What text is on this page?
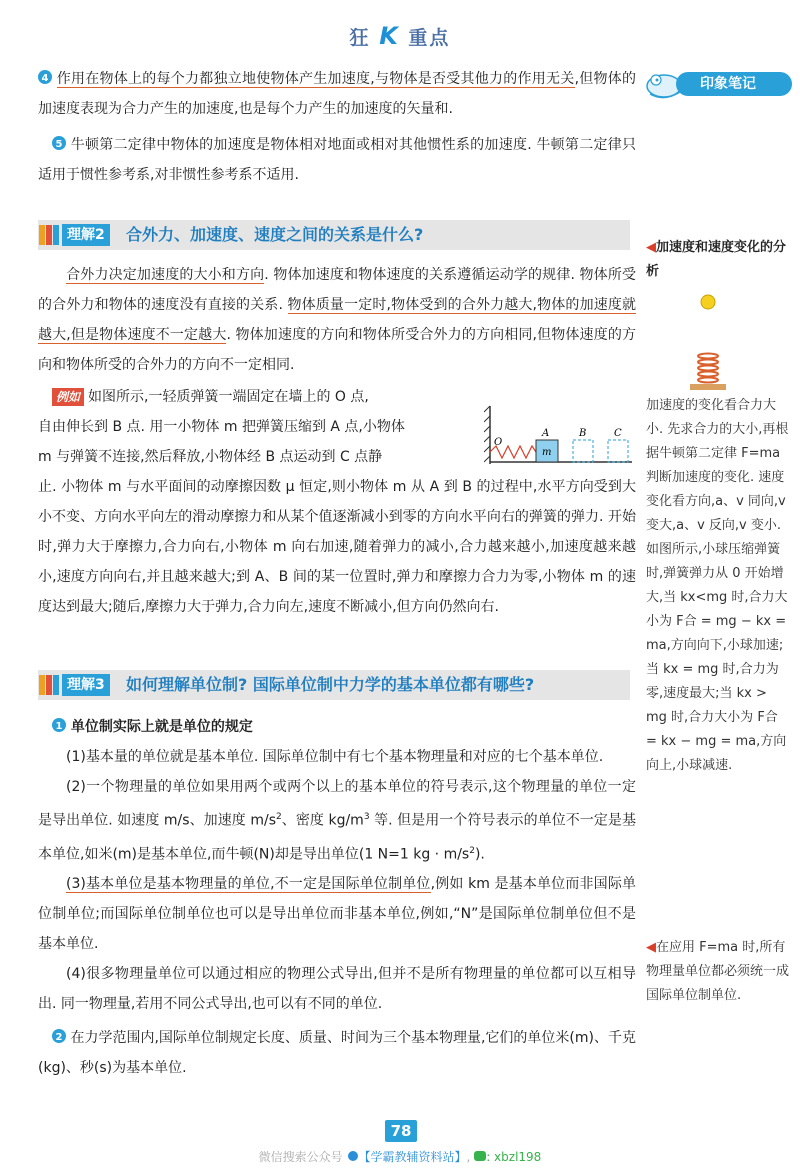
狂 K 重点
印象笔记

4 作用在物体上的每个力都独立地使物体产生加速度,与物体是否受其他力的作用无关,但物体的加速度表现为合力产生的加速度,也是每个力产生的加速度的矢量和.

5 牛顿第二定律中物体的加速度是物体相对地面或相对其他惯性系的加速度. 牛顿第二定律只适用于惯性参考系,对非惯性参考系不适用.

理解2	合外力、加速度、速度之间的关系是什么?

  合外力决定加速度的大小和方向. 物体加速度和物体速度的关系遵循运动学的规律. 物体所受的合外力和物体的速度没有直接的关系. 物体质量一定时,物体受到的合外力越大,物体的加速度就越大,但是物体速度不一定越大. 物体加速度的方向和物体所受合外力的方向相同,但物体速度的方向和物体所受的合外力的方向不一定相同.

 例如 如图所示,一轻质弹簧一端固定在墙上的 O 点,
自由伸长到 B 点. 用一小物体 m 把弹簧压缩到 A 点,小物体
m 与弹簧不连接,然后释放,小物体经 B 点运动到 C 点静

止. 小物体 m 与水平面间的动摩擦因数 μ 恒定,则小物体 m 从 A 到 B 的过程中,水平方向受到大小不变、方向水平向左的滑动摩擦力和从某个值逐渐减小到零的方向水平向右的弹簧的弹力. 开始时,弹力大于摩擦力,合力向右,小物体 m 向右加速,随着弹力的减小,合力越来越小,加速度越来越小,速度方向向右,并且越来越大;到 A、B 间的某一位置时,弹力和摩擦力合力为零,小物体 m 的速度达到最大;随后,摩擦力大于弹力,合力向左,速度不断减小,但方向仍然向右.

O
A	B	C
m
理解3	如何理解单位制? 国际单位制中力学的基本单位都有哪些?

1 单位制实际上就是单位的规定

  (1)基本量的单位就是基本单位. 国际单位制中有七个基本物理量和对应的七个基本单位.

  (2)一个物理量的单位如果用两个或两个以上的基本单位的符号表示,这个物理量的单位一定是导出单位. 如速度 m/s、加速度 $m/s^2$、密度 $kg/m^3$ 等. 但是用一个符号表示的单位不一定是基本单位,如米(m)是基本单位,而牛顿(N)却是导出单位(1 N=1 kg · $m/s^2$).

  (3)基本单位是基本物理量的单位,不一定是国际单位制单位,例如 km 是基本单位而非国际单位制单位;而国际单位制单位也可以是导出单位而非基本单位,例如,“N”是国际单位制单位但不是基本单位.

  (4)很多物理量单位可以通过相应的物理公式导出,但并不是所有物理量的单位都可以互相导出. 同一物理量,若用不同公式导出,也可以有不同的单位.

2 在力学范围内,国际单位制规定长度、质量、时间为三个基本物理量,它们的单位米(m)、千克(kg)、秒(s)为基本单位.

◀加速度和速度变化的分析
加速度的变化看合力大小. 先求合力的大小,再根据牛顿第二定律 F=ma 判断加速度的变化. 速度变化看方向,a、v 同向,v 变大,a、v 反向,v 变小. 如图所示,小球压缩弹簧时,弹簧弹力从 0 开始增大,当 kx<mg 时,合力大小为 F合 = mg − kx = ma,方向向下,小球加速;当 kx = mg 时,合力为零,速度最大;当 kx > mg 时,合力大小为 F合 = kx − mg = ma,方向向上,小球减速.
◀在应用 F=ma 时,所有物理量单位都必须统一成国际单位制单位.
78
微信搜索公众号 【学霸教辅资料站】, : xbzl198
